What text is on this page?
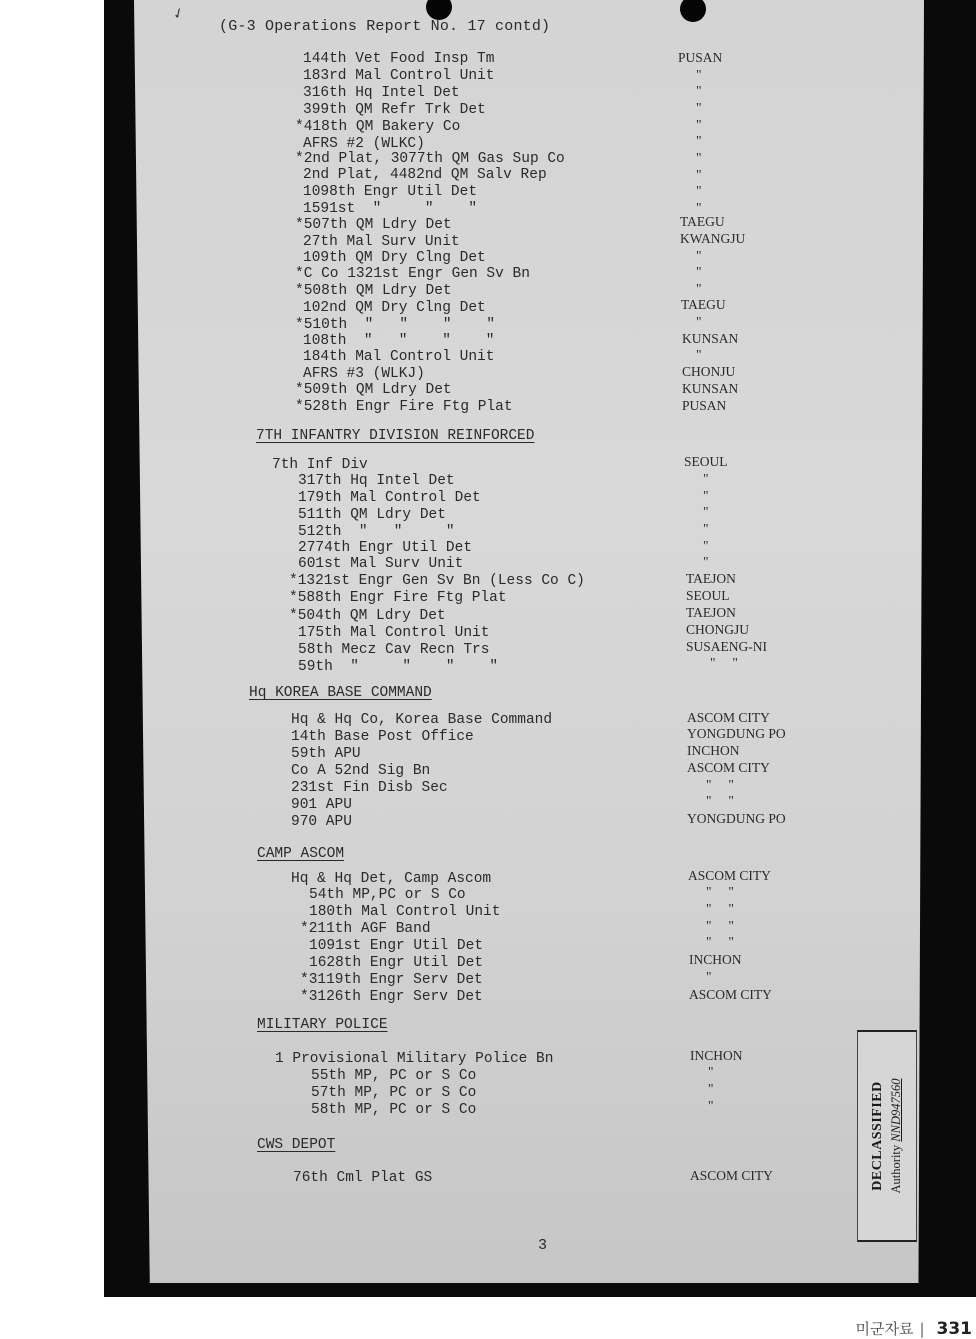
✓
(G-3 Operations Report No. 17 contd)
144th Vet Food Insp Tm
183rd Mal Control Unit
316th Hq Intel Det
399th QM Refr Trk Det
*418th QM Bakery Co
AFRS #2 (WLKC)
*2nd Plat, 3077th QM Gas Sup Co
2nd Plat, 4482nd QM Salv Rep
1098th Engr Util Det
1591st  "     "    "
*507th QM Ldry Det
27th Mal Surv Unit
109th QM Dry Clng Det
*C Co 1321st Engr Gen Sv Bn
*508th QM Ldry Det
102nd QM Dry Clng Det
*510th  "   "    "    "
108th  "   "    "    "
184th Mal Control Unit
AFRS #3 (WLKJ)
*509th QM Ldry Det
*528th Engr Fire Ftg Plat
PUSAN
"
"
"
"
"
"
"
"
"
TAEGU
KWANGJU
"
"
"
TAEGU
"
KUNSAN
"
CHONJU
KUNSAN
PUSAN
7TH INFANTRY DIVISION REINFORCED
7th Inf Div
317th Hq Intel Det
179th Mal Control Det
511th QM Ldry Det
512th  "   "     "
2774th Engr Util Det
601st Mal Surv Unit
*1321st Engr Gen Sv Bn (Less Co C)
*588th Engr Fire Ftg Plat
*504th QM Ldry Det
175th Mal Control Unit
58th Mecz Cav Recn Trs
59th  "     "    "    "
SEOUL
"
"
"
"
"
"
TAEJON
SEOUL
TAEJON
CHONGJU
SUSAENG-NI
"     "
Hq KOREA BASE COMMAND
Hq & Hq Co, Korea Base Command
14th Base Post Office
59th APU
Co A 52nd Sig Bn
231st Fin Disb Sec
901 APU
970 APU
ASCOM CITY
YONGDUNG PO
INCHON
ASCOM CITY
"     "
"     "
YONGDUNG PO
CAMP ASCOM
Hq & Hq Det, Camp Ascom
54th MP,PC or S Co
180th Mal Control Unit
*211th AGF Band
1091st Engr Util Det
1628th Engr Util Det
*3119th Engr Serv Det
*3126th Engr Serv Det
ASCOM CITY
"     "
"     "
"     "
"     "
INCHON
"
ASCOM CITY
MILITARY POLICE
1 Provisional Military Police Bn
55th MP, PC or S Co
57th MP, PC or S Co
58th MP, PC or S Co
INCHON
"
"
"
CWS DEPOT
76th Cml Plat GS	ASCOM CITY	DECLASSIFIED Authority NND947560
3
미군자료 | 331
